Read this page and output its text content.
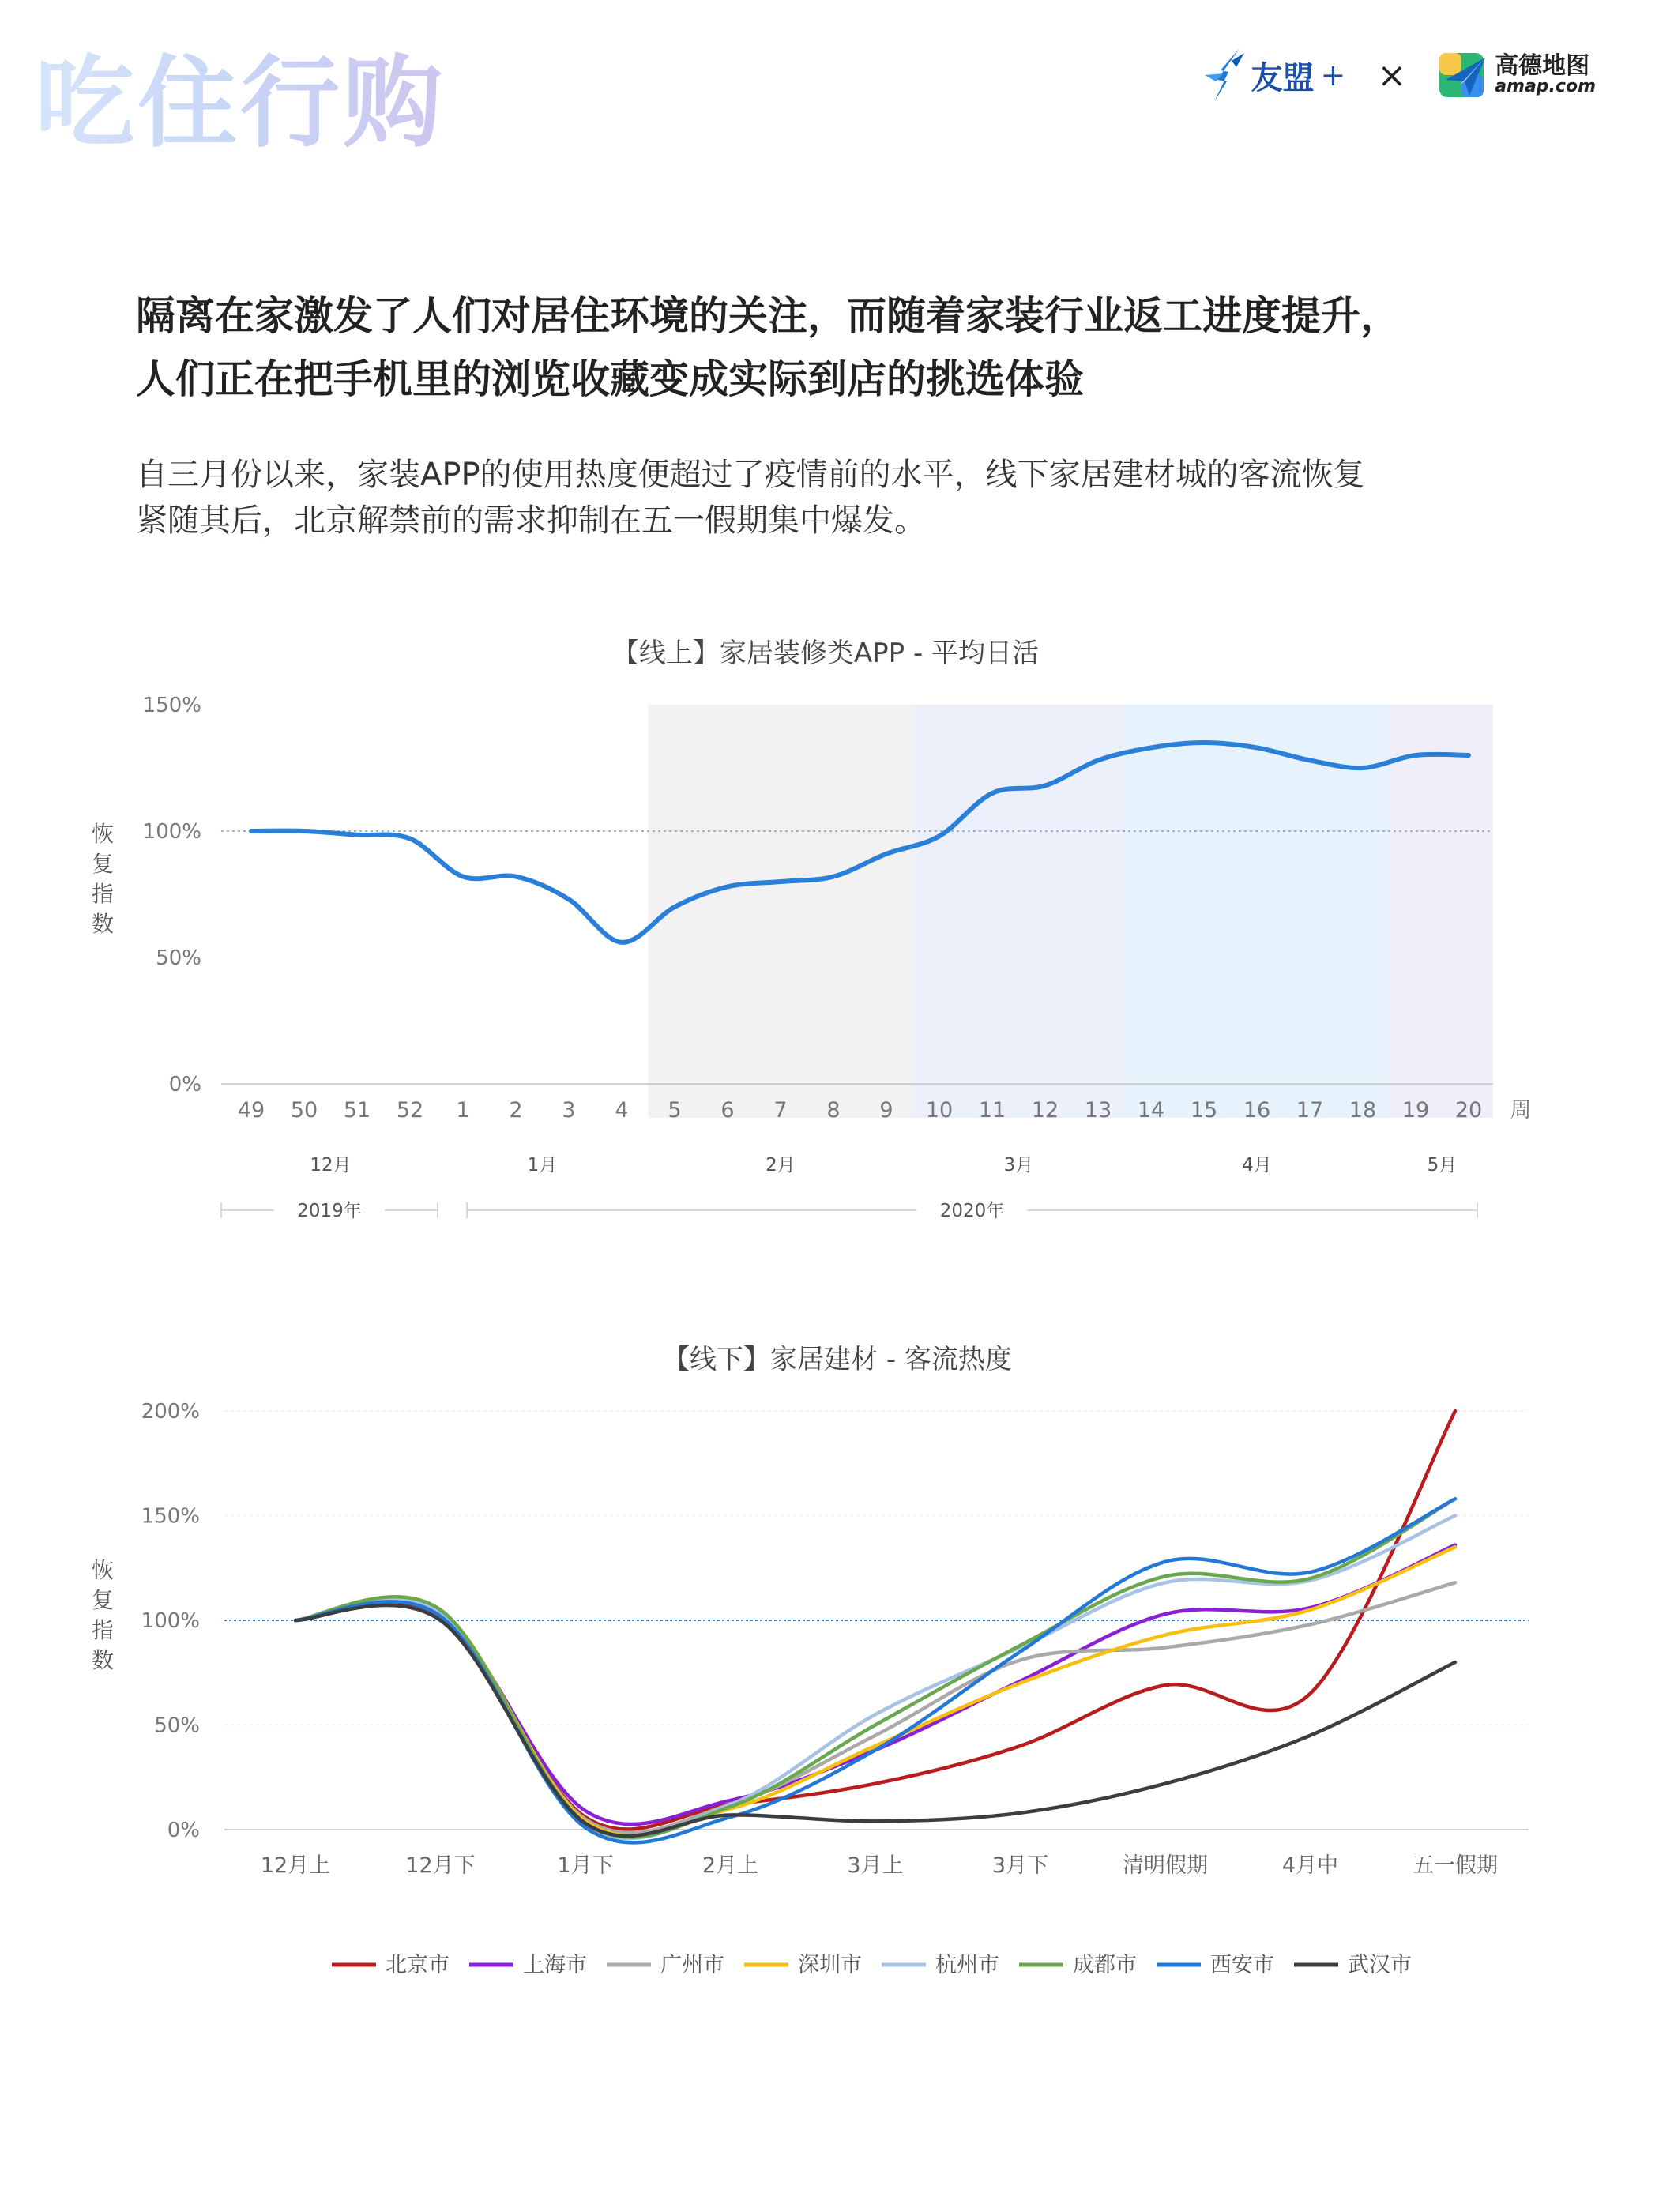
吃住行购	友盟 + ×	高德地图
amap.com
隔离在家激发了人们对居住环境的关注，而随着家装行业返工进度提升，
人们正在把手机里的浏览收藏变成实际到店的挑选体验
自三月份以来，家装APP的使用热度便超过了疫情前的水平，线下家居建材城的客流恢复
紧随其后，北京解禁前的需求抑制在五一假期集中爆发。
【线上】家居装修类APP - 平均日活
0%
50%
100%
150%
恢
复
指
数
49 50 51 52 1 2 3 4 5 6 7 8 9 10 11 12 13 14 15 16 17 18 19 20 周
12月	1月	2月	3月	4月	5月
2019年	2020年
【线下】家居建材 - 客流热度
0%
50%
100%
150%
200%
恢
复
指
数
12月上	12月下	1月下	2月上	3月上	3月下	清明假期	4月中	五一假期
北京市	上海市	广州市	深圳市	杭州市	成都市	西安市	武汉市
